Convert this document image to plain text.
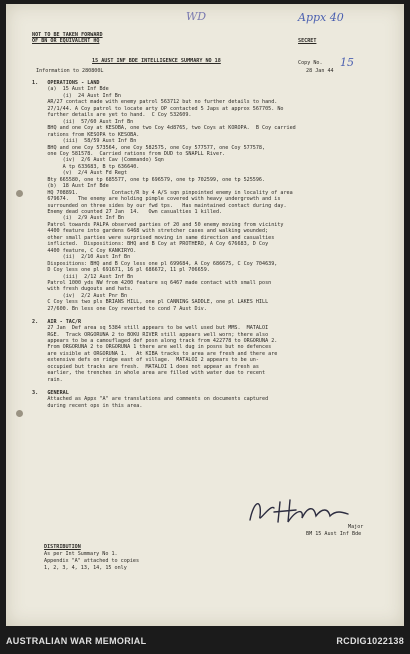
WD	Appx 40
15
NOT TO BE TAKEN FORWARD
OF BN OR EQUIVALENT HQ	SECRET
15 AUST INF BDE INTELLIGENCE SUMMARY NO 18	Copy No.
Information to 280800L	28 Jan 44
1.   OPERATIONS - LAND
(a)  15 Aust Inf Bde
(i)  24 Aust Inf Bn
AR/27 contact made with enemy patrol 563712 but no further details to hand.
27/1/44. A Coy patrol to locate arty OP contacted 5 Japs at approx 567705. No
further details are yet to hand.  C Coy 532609.
(ii)  57/60 Aust Inf Bn
BHQ and one Coy at KESOBA, one two Coy 4d8765, two Coys at KOROPA.  B Coy carried
rations from KESOPA to KESOBA.
(iii)  58/59 Aust Inf Bn
BHQ and one Coy 573564, one Coy 582575, one Coy 577577, one Coy 577578,
one Coy 581578.  Carried rations from DUD to SNAPLL River.
(iv)  2/6 Aust Cav (Commando) Sqn
A tp 633683, B tp 636640.
(v)  2/4 Aust Fd Regt
Bty 665580, one tp 685577, one tp 696579, one tp 702599, one tp 525596.
(b)  18 Aust Inf Bde
HQ 708891.           Contact/R by 4 A/S sqn pinpointed enemy in locality of area
679674.   The enemy are holding pimple covered with heavy undergrowth and is
surrounded on three sides by our fwd tps.   Has maintained contact during day.
Enemy dead counted 27 Jan  14.   Own casualties 1 killed.
(i)  2/9 Aust Inf Bn
Patrol towards PALPA observed parties of 20 and 50 enemy moving from vicinity
4400 feature into gardens 6468 with stretcher cases and walking wounded;
other small parties were surprised moving in same direction and casualties
inflicted.  Dispositions: BHQ and B Coy at PROTHERO, A Coy 676683, D Coy
4400 feature, C Coy KANKIRYO.
(ii)  2/10 Aust Inf Bn
Dispositions: BHQ and B Coy less one pl 699684, A Coy 686675, C Coy 704639,
D Coy less one pl 691671, 16 pl 686672, 11 pl 706659.
(iii)  2/12 Aust Inf Bn
Patrol 1000 yds NW from 4200 feature sq 6467 made contact with small posn
with fresh dugouts and hats.
(iv)  2/2 Aust Pnr Bn
C Coy less two pls BRIANS HILL, one pl CANNING SADDLE, one pl LAKES HILL
27/600. Bn less one Coy reverted to cond 7 Aust Div.
2.   AIR - TAC/R
27 Jan  Def area sq 5384 still appears to be well used but MMS.  MATALOI
RGE.  Track ORGORUNA 2 to BOKU RIVER still appears well worn; there also
appears to be a camouflaged def posn along track from 422778 to ORGORUNA 2.
From ORGORUNA 2 to ORGORUNA 1 there are well dug in posns but no defences
are visible at ORGORUNA 1.   At KIBA tracks to area are fresh and there are
extensive defs on ridge east of village.  MATALOI 2 appears to be un-
occupied but tracks are fresh.  MATALOI 1 does not appear as fresh as
earlier, the trenches in whole area are filled with water due to recent
rain.
3.   GENERAL
Attached as Appx "A" are translations and comments on documents captured
during recent ops in this area.
Major
BM 15 Aust Inf Bde
DISTRIBUTION
As per Int Summary No 1.
Appendix "A" attached to copies
1, 2, 3, 4, 13, 14, 15 only
AUSTRALIAN WAR MEMORIAL	RCDIG1022138
